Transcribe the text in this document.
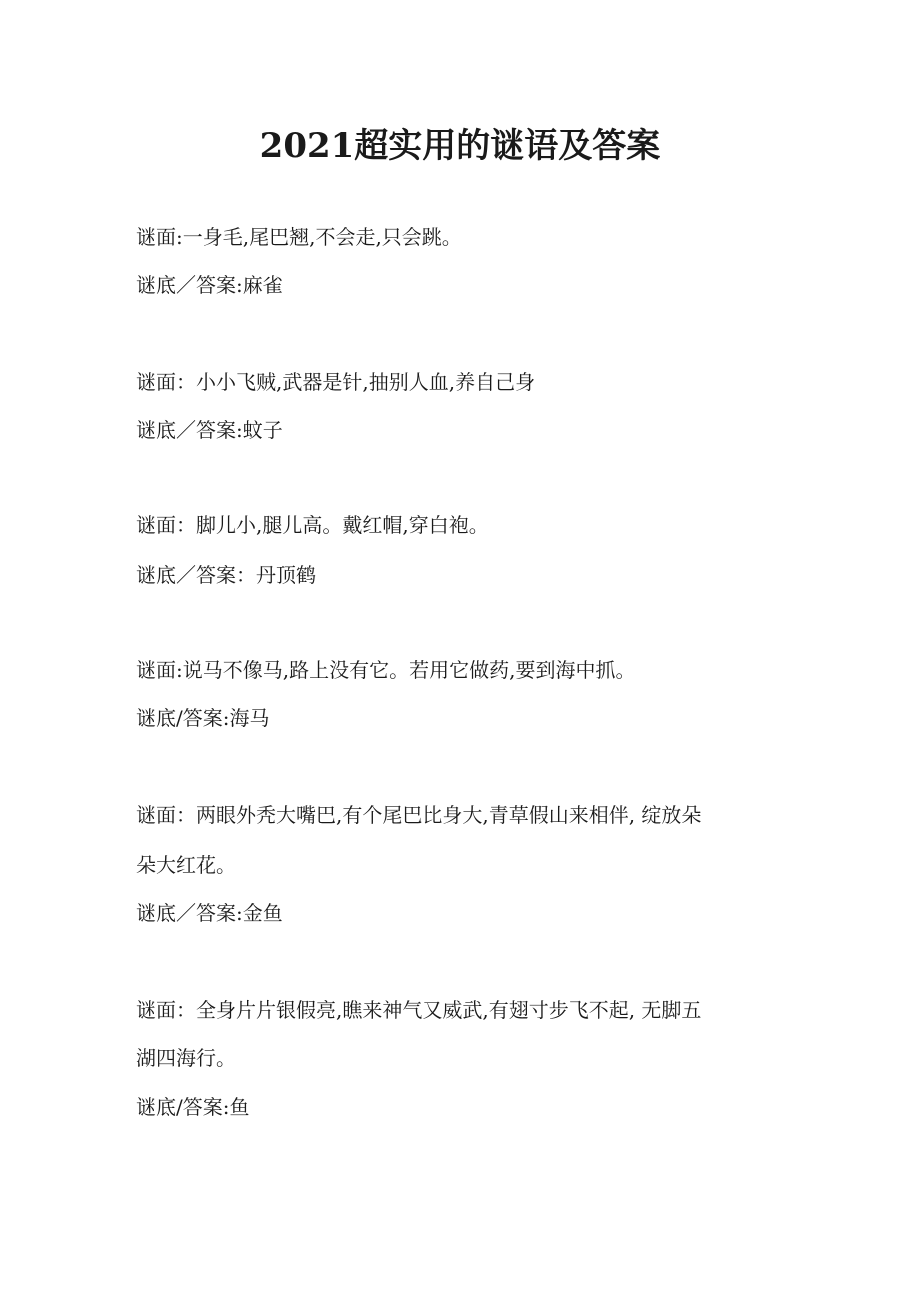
2021超实用的谜语及答案

谜面:一身毛,尾巴翘,不会走,只会跳。

谜底／答案:麻雀

谜面：小小飞贼,武器是针,抽别人血,养自己身

谜底／答案:蚊子

谜面：脚儿小,腿儿高。戴红帽,穿白袍。

谜底／答案：丹顶鹤

谜面:说马不像马,路上没有它。若用它做药,要到海中抓。

谜底/答案:海马

谜面：两眼外秃大嘴巴,有个尾巴比身大,青草假山来相伴, 绽放朵

朵大红花。

谜底／答案:金鱼

谜面：全身片片银假亮,瞧来神气又威武,有翅寸步飞不起, 无脚五

湖四海行。

谜底/答案:鱼
